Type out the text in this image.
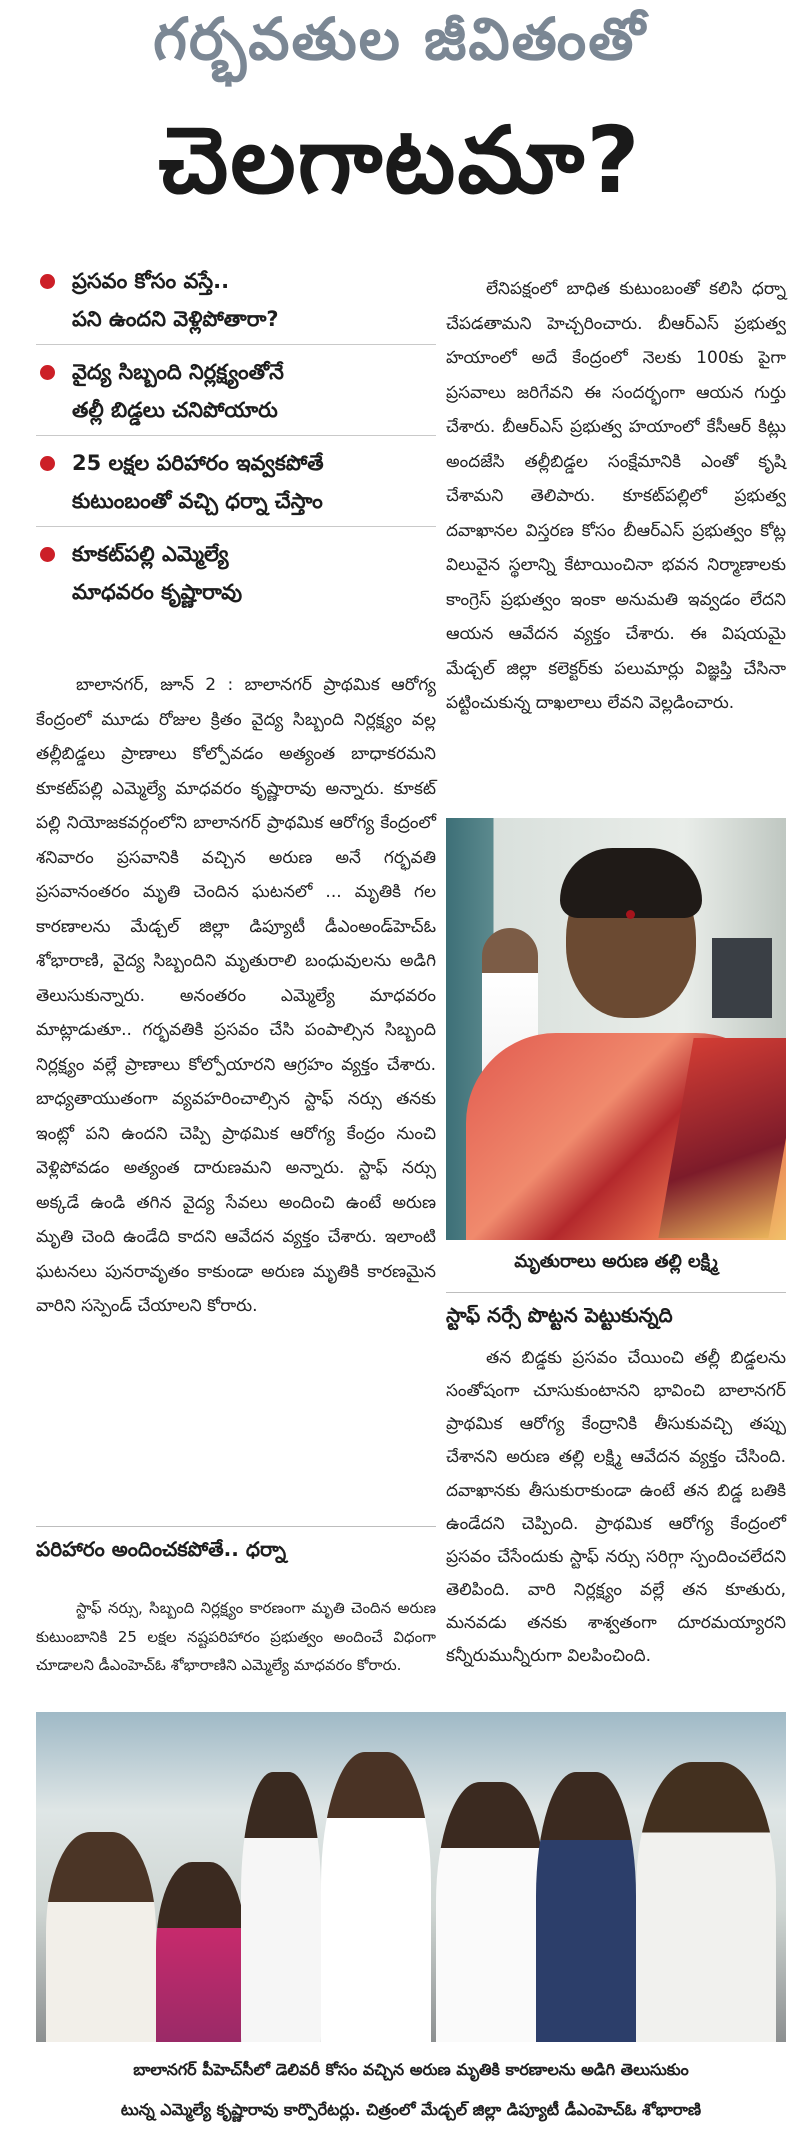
గర్భవతుల జీవితంతో
చెలగాటమా?
ప్రసవం కోసం వస్తే..
పని ఉందని వెళ్లిపోతారా?
వైద్య సిబ్బంది నిర్లక్ష్యంతోనే
తల్లీ బిడ్డలు చనిపోయారు
25 లక్షల పరిహారం ఇవ్వకపోతే
కుటుంబంతో వచ్చి ధర్నా చేస్తాం
కూకట్‌పల్లి ఎమ్మెల్యే
మాధవరం కృష్ణారావు

లేనిపక్షంలో బాధిత కుటుంబంతో కలిసి ధర్నా చేపడతామని హెచ్చరించారు. బీఆర్‌ఎస్ ప్రభుత్వ హయాంలో అదే కేంద్రంలో నెలకు 100కు పైగా ప్రసవాలు జరిగేవని ఈ సందర్భంగా ఆయన గుర్తు చేశారు. బీఆర్‌ఎస్ ప్రభుత్వ హయాంలో కేసీఆర్ కిట్లు అందజేసి తల్లీబిడ్డల సంక్షేమానికి ఎంతో కృషి చేశామని తెలిపారు. కూకట్‌పల్లిలో ప్రభుత్వ దవాఖానల విస్తరణ కోసం బీఆర్‌ఎస్ ప్రభుత్వం కోట్ల విలువైన స్థలాన్ని కేటాయించినా భవన నిర్మాణాలకు కాంగ్రెస్ ప్రభుత్వం ఇంకా అనుమతి ఇవ్వడం లేదని ఆయన ఆవేదన వ్యక్తం చేశారు. ఈ విషయమై మేడ్చల్ జిల్లా కలెక్టర్‌కు పలుమార్లు విజ్ఞప్తి చేసినా పట్టించుకున్న దాఖలాలు లేవని వెల్లడించారు.

బాలానగర్, జూన్ 2 : బాలానగర్ ప్రాథమిక ఆరోగ్య కేంద్రంలో మూడు రోజుల క్రితం వైద్య సిబ్బంది నిర్లక్ష్యం వల్ల తల్లీబిడ్డలు ప్రాణాలు కోల్పోవడం అత్యంత బాధాకరమని కూకట్‌పల్లి ఎమ్మెల్యే మాధవరం కృష్ణారావు అన్నారు. కూకట్ పల్లి నియోజకవర్గంలోని బాలానగర్ ప్రాథమిక ఆరోగ్య కేంద్రంలో శనివారం ప్రసవానికి వచ్చిన అరుణ అనే గర్భవతి ప్రసవానంతరం మృతి చెందిన ఘటనలో ... మృతికి గల కారణాలను మేడ్చల్ జిల్లా డిప్యూటీ డీఎంఅండ్‌హెచ్‌ఓ శోభారాణి, వైద్య సిబ్బందిని మృతురాలి బంధువులను అడిగి తెలుసుకున్నారు. అనంతరం ఎమ్మెల్యే మాధవరం మాట్లాడుతూ.. గర్భవతికి ప్రసవం చేసి పంపాల్సిన సిబ్బంది నిర్లక్ష్యం వల్లే ప్రాణాలు కోల్పోయారని ఆగ్రహం వ్యక్తం చేశారు. బాధ్యతాయుతంగా వ్యవహరించాల్సిన స్టాఫ్ నర్సు తనకు ఇంట్లో పని ఉందని చెప్పి ప్రాథమిక ఆరోగ్య కేంద్రం నుంచి వెళ్లిపోవడం అత్యంత దారుణమని అన్నారు. స్టాఫ్ నర్సు అక్కడే ఉండి తగిన వైద్య సేవలు అందించి ఉంటే అరుణ మృతి చెంది ఉండేది కాదని ఆవేదన వ్యక్తం చేశారు. ఇలాంటి ఘటనలు పునరావృతం కాకుండా అరుణ మృతికి కారణమైన వారిని సస్పెండ్ చేయాలని కోరారు.

మృతురాలు అరుణ తల్లి లక్ష్మి
పరిహారం అందించకపోతే.. ధర్నా

స్టాఫ్ నర్సు, సిబ్బంది నిర్లక్ష్యం కారణంగా మృతి చెందిన అరుణ కుటుంబానికి 25 లక్షల నష్టపరిహారం ప్రభుత్వం అందించే విధంగా చూడాలని డీఎంహెచ్‌ఓ శోభారాణిని ఎమ్మెల్యే మాధవరం కోరారు.

స్టాఫ్ నర్సే పొట్టన పెట్టుకున్నది

తన బిడ్డకు ప్రసవం చేయించి తల్లీ బిడ్డలను సంతోషంగా చూసుకుంటానని భావించి బాలానగర్ ప్రాథమిక ఆరోగ్య కేంద్రానికి తీసుకువచ్చి తప్పు చేశానని అరుణ తల్లి లక్ష్మి ఆవేదన వ్యక్తం చేసింది. దవాఖానకు తీసుకురాకుండా ఉంటే తన బిడ్డ బతికి ఉండేదని చెప్పింది. ప్రాథమిక ఆరోగ్య కేంద్రంలో ప్రసవం చేసేందుకు స్టాఫ్ నర్సు సరిగ్గా స్పందించలేదని తెలిపింది. వారి నిర్లక్ష్యం వల్లే తన కూతురు, మనవడు తనకు శాశ్వతంగా దూరమయ్యారని కన్నీరుమున్నీరుగా విలపించింది.

బాలానగర్ పీహెచ్‌సీలో డెలివరీ కోసం వచ్చిన అరుణ మృతికి కారణాలను అడిగి తెలుసుకుం
టున్న ఎమ్మెల్యే కృష్ణారావు కార్పొరేటర్లు. చిత్రంలో మేడ్చల్ జిల్లా డిప్యూటీ డీఎంహెచ్‌ఓ శోభారాణి
